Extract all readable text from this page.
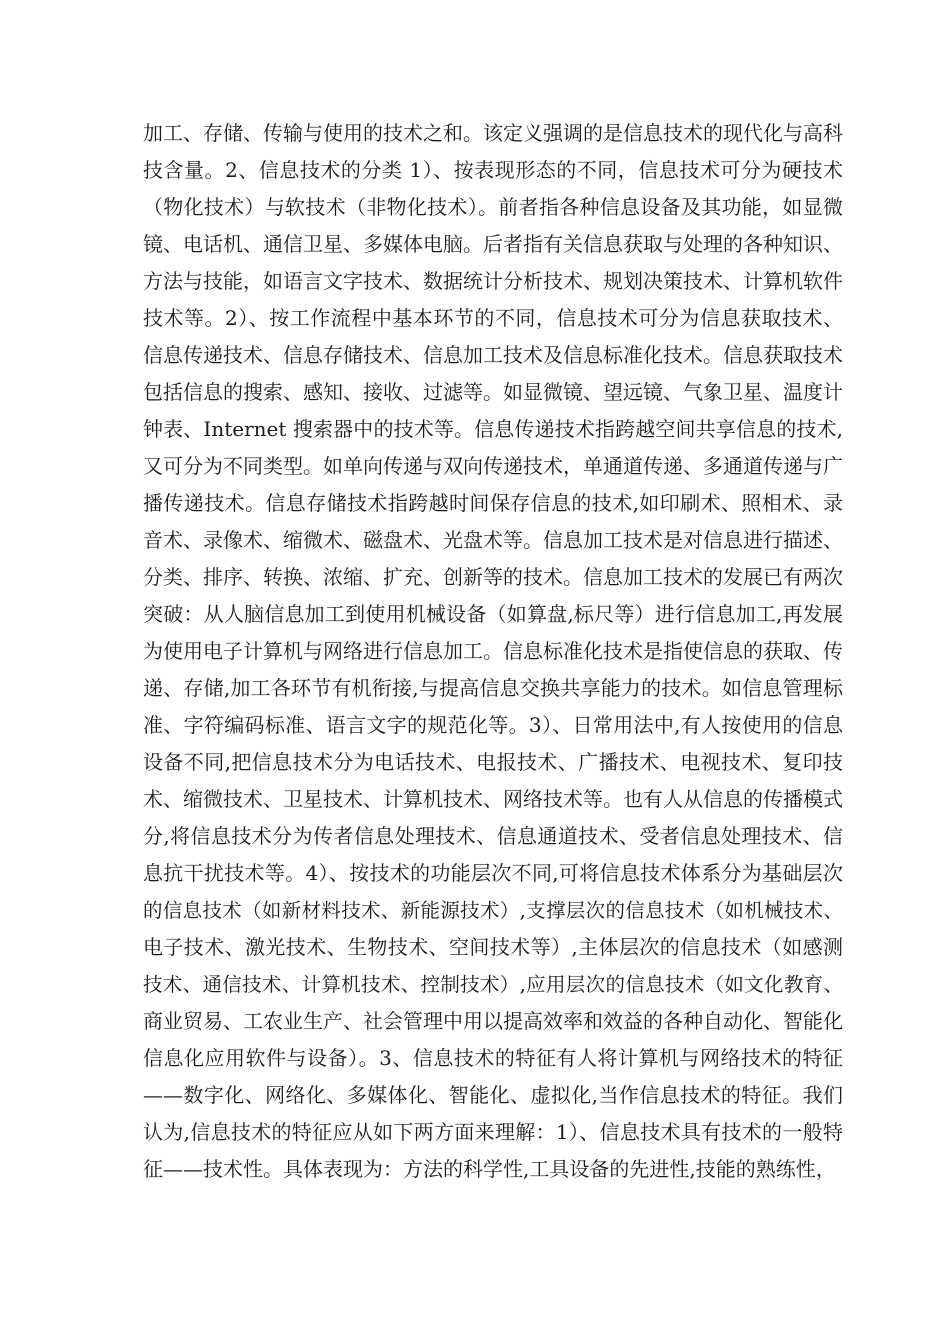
加工、存储、传输与使用的技术之和。该定义强调的是信息技术的现代化与高科
技含量。2、信息技术的分类 1）、按表现形态的不同，信息技术可分为硬技术
（物化技术）与软技术（非物化技术）。前者指各种信息设备及其功能，如显微
镜、电话机、通信卫星、多媒体电脑。后者指有关信息获取与处理的各种知识、
方法与技能，如语言文字技术、数据统计分析技术、规划决策技术、计算机软件
技术等。2）、按工作流程中基本环节的不同，信息技术可分为信息获取技术、
信息传递技术、信息存储技术、信息加工技术及信息标准化技术。信息获取技术
包括信息的搜索、感知、接收、过滤等。如显微镜、望远镜、气象卫星、温度计
钟表、Internet 搜索器中的技术等。信息传递技术指跨越空间共享信息的技术,
又可分为不同类型。如单向传递与双向传递技术，单通道传递、多通道传递与广
播传递技术。信息存储技术指跨越时间保存信息的技术,如印刷术、照相术、录
音术、录像术、缩微术、磁盘术、光盘术等。信息加工技术是对信息进行描述、
分类、排序、转换、浓缩、扩充、创新等的技术。信息加工技术的发展已有两次
突破：从人脑信息加工到使用机械设备（如算盘,标尺等）进行信息加工,再发展
为使用电子计算机与网络进行信息加工。信息标准化技术是指使信息的获取、传
递、存储,加工各环节有机衔接,与提高信息交换共享能力的技术。如信息管理标
准、字符编码标准、语言文字的规范化等。3）、日常用法中,有人按使用的信息
设备不同,把信息技术分为电话技术、电报技术、广播技术、电视技术、复印技
术、缩微技术、卫星技术、计算机技术、网络技术等。也有人从信息的传播模式
分,将信息技术分为传者信息处理技术、信息通道技术、受者信息处理技术、信
息抗干扰技术等。4）、按技术的功能层次不同,可将信息技术体系分为基础层次
的信息技术（如新材料技术、新能源技术）,支撑层次的信息技术（如机械技术、
电子技术、激光技术、生物技术、空间技术等）,主体层次的信息技术（如感测
技术、通信技术、计算机技术、控制技术）,应用层次的信息技术（如文化教育、
商业贸易、工农业生产、社会管理中用以提高效率和效益的各种自动化、智能化
信息化应用软件与设备）。3、信息技术的特征有人将计算机与网络技术的特征
——数字化、网络化、多媒体化、智能化、虚拟化,当作信息技术的特征。我们
认为,信息技术的特征应从如下两方面来理解：1）、信息技术具有技术的一般特
征——技术性。具体表现为：方法的科学性,工具设备的先进性,技能的熟练性，
